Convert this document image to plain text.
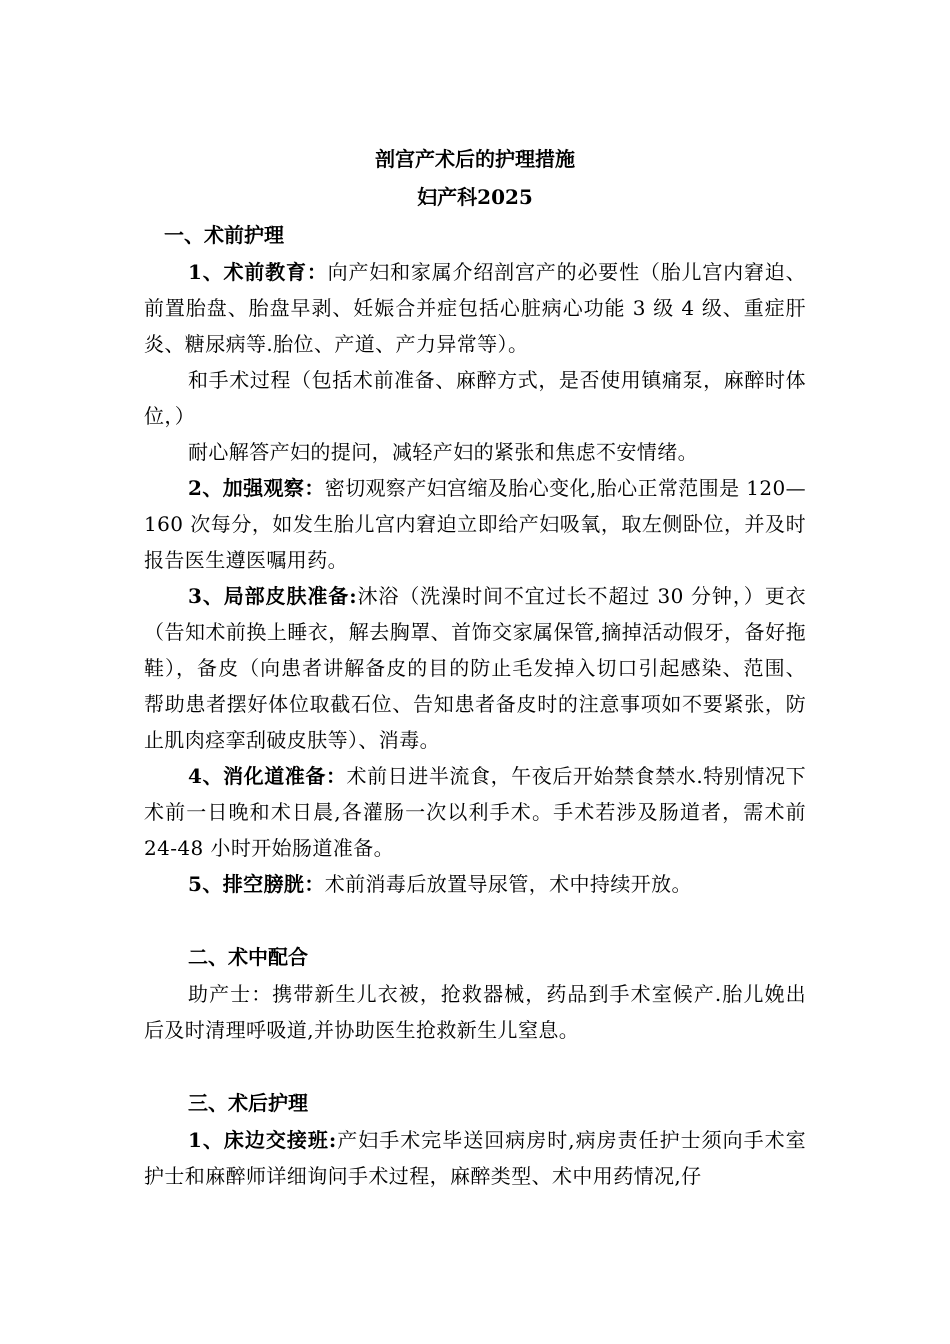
剖宫产术后的护理措施
妇产科2025
一、术前护理

1、术前教育：向产妇和家属介绍剖宫产的必要性（胎儿宫内窘迫、前置胎盘、胎盘早剥、妊娠合并症包括心脏病心功能 3 级 4 级、重症肝炎、糖尿病等.胎位、产道、产力异常等）。

和手术过程（包括术前准备、麻醉方式，是否使用镇痛泵，麻醉时体位，）

耐心解答产妇的提问，减轻产妇的紧张和焦虑不安情绪。

2、加强观察：密切观察产妇宫缩及胎心变化,胎心正常范围是 120—160 次每分，如发生胎儿宫内窘迫立即给产妇吸氧，取左侧卧位，并及时报告医生遵医嘱用药。

3、局部皮肤准备:沐浴（洗澡时间不宜过长不超过 30 分钟，）更衣（告知术前换上睡衣，解去胸罩、首饰交家属保管,摘掉活动假牙，备好拖鞋），备皮（向患者讲解备皮的目的防止毛发掉入切口引起感染、范围、帮助患者摆好体位取截石位、告知患者备皮时的注意事项如不要紧张，防止肌肉痉挛刮破皮肤等）、消毒。

4、消化道准备：术前日进半流食，午夜后开始禁食禁水.特别情况下术前一日晚和术日晨,各灌肠一次以利手术。手术若涉及肠道者，需术前 24-48 小时开始肠道准备。

5、排空膀胱：术前消毒后放置导尿管，术中持续开放。

二、术中配合

助产士：携带新生儿衣被，抢救器械，药品到手术室候产.胎儿娩出后及时清理呼吸道,并协助医生抢救新生儿窒息。

三、术后护理

1、床边交接班:产妇手术完毕送回病房时,病房责任护士须向手术室护士和麻醉师详细询问手术过程，麻醉类型、术中用药情况,仔
